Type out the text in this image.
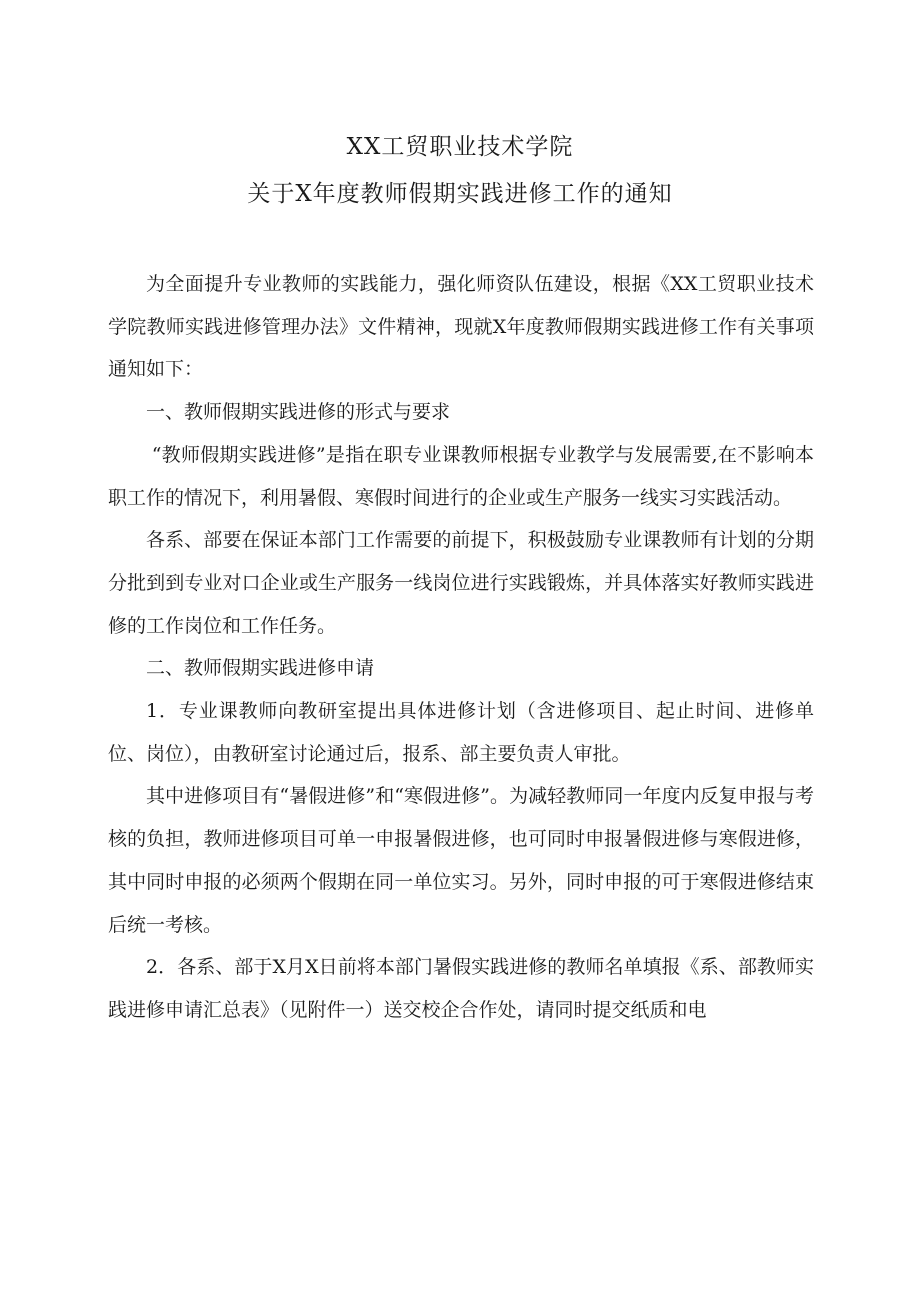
XX工贸职业技术学院
关于X年度教师假期实践进修工作的通知

为全面提升专业教师的实践能力，强化师资队伍建设，根据《XX工贸职业技术学院教师实践进修管理办法》文件精神，现就X年度教师假期实践进修工作有关事项通知如下：

一、教师假期实践进修的形式与要求

“教师假期实践进修”是指在职专业课教师根据专业教学与发展需要,在不影响本职工作的情况下，利用暑假、寒假时间进行的企业或生产服务一线实习实践活动。

各系、部要在保证本部门工作需要的前提下，积极鼓励专业课教师有计划的分期分批到到专业对口企业或生产服务一线岗位进行实践锻炼，并具体落实好教师实践进修的工作岗位和工作任务。

二、教师假期实践进修申请

1．专业课教师向教研室提出具体进修计划（含进修项目、起止时间、进修单位、岗位），由教研室讨论通过后，报系、部主要负责人审批。

其中进修项目有“暑假进修”和“寒假进修”。为减轻教师同一年度内反复申报与考核的负担，教师进修项目可单一申报暑假进修，也可同时申报暑假进修与寒假进修，其中同时申报的必须两个假期在同一单位实习。另外，同时申报的可于寒假进修结束后统一考核。

2．各系、部于X月X日前将本部门暑假实践进修的教师名单填报《系、部教师实践进修申请汇总表》（见附件一）送交校企合作处，请同时提交纸质和电
